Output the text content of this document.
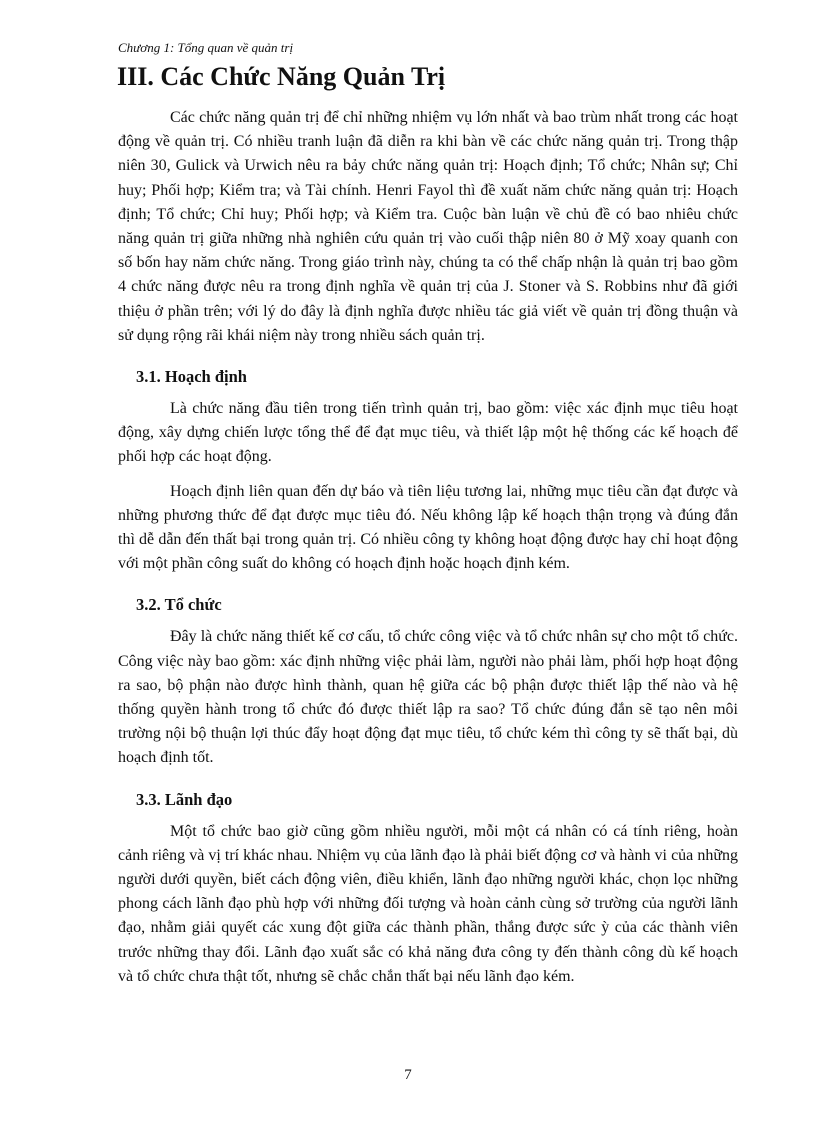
Chương 1: Tổng quan về quản trị
III. Các Chức Năng Quản Trị

Các chức năng quản trị để chỉ những nhiệm vụ lớn nhất và bao trùm nhất trong các hoạt động về quản trị. Có nhiều tranh luận đã diễn ra khi bàn về các chức năng quản trị. Trong thập niên 30, Gulick và Urwich nêu ra bảy chức năng quản trị: Hoạch định; Tổ chức; Nhân sự; Chỉ huy; Phối hợp; Kiểm tra; và Tài chính. Henri Fayol thì đề xuất năm chức năng quản trị: Hoạch định; Tổ chức; Chỉ huy; Phối hợp; và Kiểm tra. Cuộc bàn luận về chủ đề có bao nhiêu chức năng quản trị giữa những nhà nghiên cứu quản trị vào cuối thập niên 80 ở Mỹ xoay quanh con số bốn hay năm chức năng. Trong giáo trình này, chúng ta có thể chấp nhận là quản trị bao gồm 4 chức năng được nêu ra trong định nghĩa về quản trị của J. Stoner và S. Robbins như đã giới thiệu ở phần trên; với lý do đây là định nghĩa được nhiều tác giả viết về quản trị đồng thuận và sử dụng rộng rãi khái niệm này trong nhiều sách quản trị.

3.1. Hoạch định

Là chức năng đầu tiên trong tiến trình quản trị, bao gồm: việc xác định mục tiêu hoạt động, xây dựng chiến lược tổng thể để đạt mục tiêu, và thiết lập một hệ thống các kế hoạch để phối hợp các hoạt động.

Hoạch định liên quan đến dự báo và tiên liệu tương lai, những mục tiêu cần đạt được và những phương thức để đạt được mục tiêu đó. Nếu không lập kế hoạch thận trọng và đúng đắn thì dễ dẫn đến thất bại trong quản trị. Có nhiều công ty không hoạt động được hay chỉ hoạt động với một phần công suất do không có hoạch định hoặc hoạch định kém.

3.2. Tổ chức

Đây là chức năng thiết kế cơ cấu, tổ chức công việc và tổ chức nhân sự cho một tổ chức. Công việc này bao gồm: xác định những việc phải làm, người nào phải làm, phối hợp hoạt động ra sao, bộ phận nào được hình thành, quan hệ giữa các bộ phận được thiết lập thế nào và hệ thống quyền hành trong tổ chức đó được thiết lập ra sao? Tổ chức đúng đắn sẽ tạo nên môi trường nội bộ thuận lợi thúc đẩy hoạt động đạt mục tiêu, tổ chức kém thì công ty sẽ thất bại, dù hoạch định tốt.

3.3. Lãnh đạo

Một tổ chức bao giờ cũng gồm nhiều người, mỗi một cá nhân có cá tính riêng, hoàn cảnh riêng và vị trí khác nhau. Nhiệm vụ của lãnh đạo là phải biết động cơ và hành vi của những người dưới quyền, biết cách động viên, điều khiển, lãnh đạo những người khác, chọn lọc những phong cách lãnh đạo phù hợp với những đối tượng và hoàn cảnh cùng sở trường của người lãnh đạo, nhằm giải quyết các xung đột giữa các thành phần, thắng được sức ỳ của các thành viên trước những thay đổi. Lãnh đạo xuất sắc có khả năng đưa công ty đến thành công dù kế hoạch và tổ chức chưa thật tốt, nhưng sẽ chắc chắn thất bại nếu lãnh đạo kém.

7
